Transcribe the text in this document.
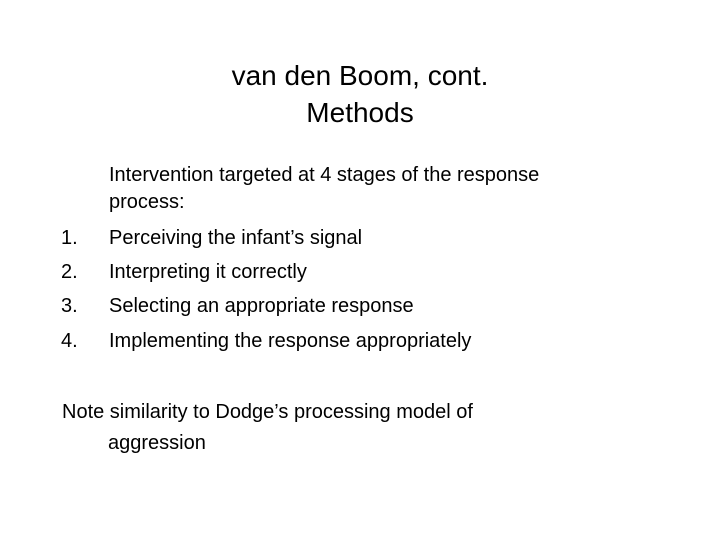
van den Boom, cont.
Methods
Intervention targeted at 4 stages of the response
process:
1.	Perceiving the infant’s signal
2.	Interpreting it correctly
3.	Selecting an appropriate response
4.	Implementing the response appropriately
Note similarity to Dodge’s processing model of
aggression
